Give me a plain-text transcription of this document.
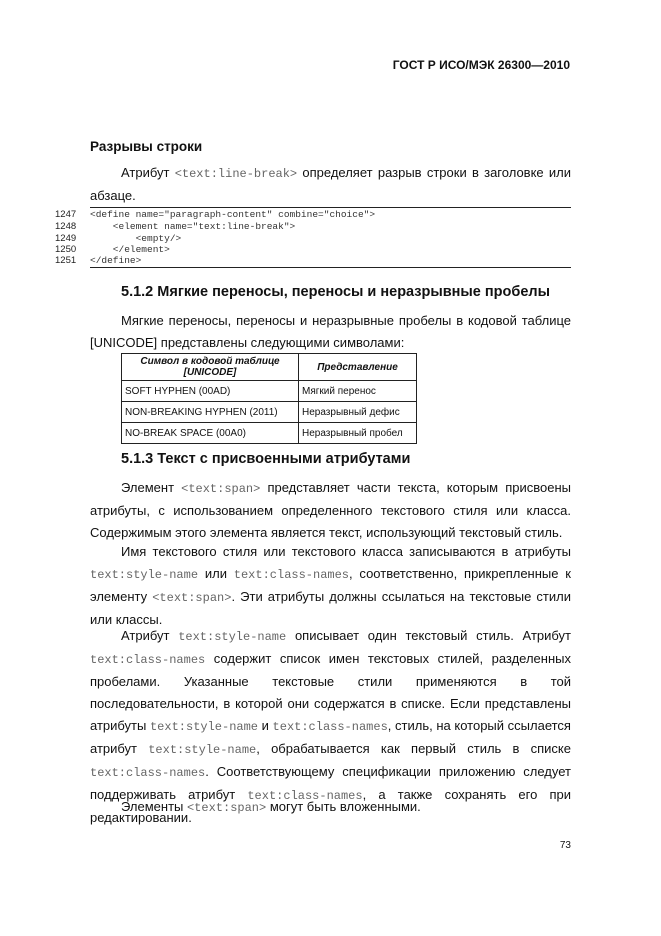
ГОСТ Р ИСО/МЭК 26300—2010
Разрывы строки
Атрибут <text:line-break> определяет разрыв строки в заголовке или абзаце.
1247	<define name="paragraph-content" combine="choice">
1248	<element name="text:line-break">
1249	<empty/>
1250	</element>
1251	</define>
5.1.2 Мягкие переносы, переносы и неразрывные пробелы
Мягкие переносы, переносы и неразрывные пробелы в кодовой таблице [UNICODE] представлены следующими символами:
Символ в кодовой таблице [UNICODE]	Представление
SOFT HYPHEN (00AD)	Мягкий перенос
NON-BREAKING HYPHEN (2011)	Неразрывный дефис
NO-BREAK SPACE (00A0)	Неразрывный пробел
5.1.3 Текст с присвоенными атрибутами
Элемент <text:span> представляет части текста, которым присвоены атрибуты, с использованием определенного текстового стиля или класса. Содержимым этого элемента является текст, использующий текстовый стиль.
Имя текстового стиля или текстового класса записываются в атрибуты text:style-name или text:class-names, соответственно, прикрепленные к элементу <text:span>. Эти атрибуты должны ссылаться на текстовые стили или классы.
Атрибут text:style-name описывает один текстовый стиль. Атрибут text:class-names содержит список имен текстовых стилей, разделенных пробелами. Указанные текстовые стили применяются в той последовательности, в которой они содержатся в списке. Если представлены атрибуты text:style-name и text:class-names, стиль, на который ссылается атрибут text:style-name, обрабатывается как первый стиль в списке text:class-names. Соответствующему спецификации приложению следует поддерживать атрибут text:class-names, а также сохранять его при редактировании.
Элементы <text:span> могут быть вложенными.
73
